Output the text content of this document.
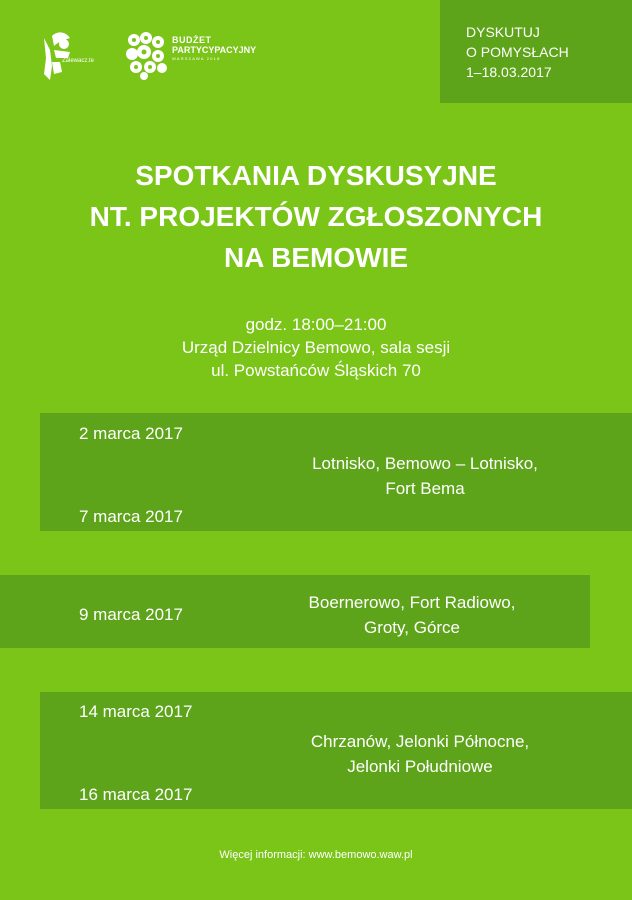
Zalewacz.te
BUDŻET
PARTYCYPACYJNY
WARSZAWA 2018
DYSKUTUJ
O POMYSŁACH
1–18.03.2017
SPOTKANIA DYSKUSYJNE
NT. PROJEKTÓW ZGŁOSZONYCH
NA BEMOWIE
godz. 18:00–21:00
Urząd Dzielnicy Bemowo, sala sesji
ul. Powstańców Śląskich 70
2 marca 2017
7 marca 2017
Lotnisko, Bemowo – Lotnisko,
Fort Bema
9 marca 2017
Boernerowo, Fort Radiowo,
Groty, Górce
14 marca 2017
16 marca 2017
Chrzanów, Jelonki Północne,
Jelonki Południowe
Więcej informacji: www.bemowo.waw.pl
